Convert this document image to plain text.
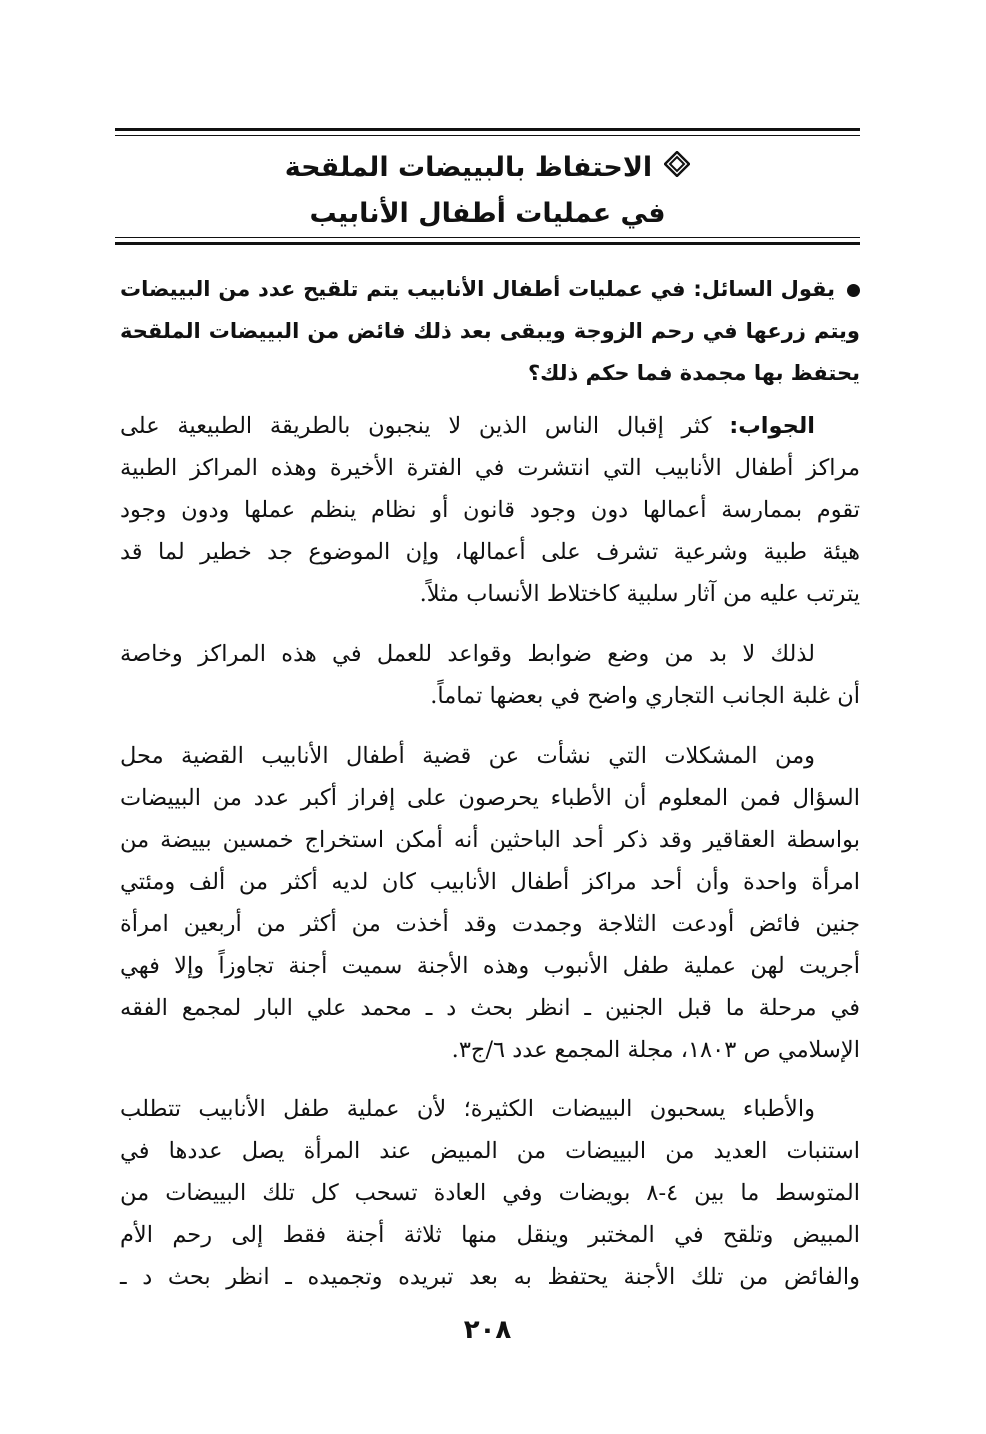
الاحتفاظ بالبييضات الملقحة
في عمليات أطفال الأنابيب
يقول السائل: في عمليات أطفال الأنابيب يتم تلقيح عدد من البييضات
ويتم زرعها في رحم الزوجة ويبقى بعد ذلك فائض من البييضات الملقحة
يحتفظ بها مجمدة فما حكم ذلك؟
الجواب: كثر إقبال الناس الذين لا ينجبون بالطريقة الطبيعية على
مراكز أطفال الأنابيب التي انتشرت في الفترة الأخيرة وهذه المراكز الطبية
تقوم بممارسة أعمالها دون وجود قانون أو نظام ينظم عملها ودون وجود
هيئة طبية وشرعية تشرف على أعمالها، وإن الموضوع جد خطير لما قد
يترتب عليه من آثار سلبية كاختلاط الأنساب مثلاً.
لذلك لا بد من وضع ضوابط وقواعد للعمل في هذه المراكز وخاصة
أن غلبة الجانب التجاري واضح في بعضها تماماً.
ومن المشكلات التي نشأت عن قضية أطفال الأنابيب القضية محل
السؤال فمن المعلوم أن الأطباء يحرصون على إفراز أكبر عدد من البييضات
بواسطة العقاقير وقد ذكر أحد الباحثين أنه أمكن استخراج خمسين بييضة من
امرأة واحدة وأن أحد مراكز أطفال الأنابيب كان لديه أكثر من ألف ومئتي
جنين فائض أودعت الثلاجة وجمدت وقد أخذت من أكثر من أربعين امرأة
أجريت لهن عملية طفل الأنبوب وهذه الأجنة سميت أجنة تجاوزاً وإلا فهي
في مرحلة ما قبل الجنين ـ انظر بحث د ـ محمد علي البار لمجمع الفقه
الإسلامي ص ١٨٠٣، مجلة المجمع عدد ٦/ج٣.
والأطباء يسحبون البييضات الكثيرة؛ لأن عملية طفل الأنابيب تتطلب
استنبات العديد من البييضات من المبيض عند المرأة يصل عددها في
المتوسط ما بين ٤-٨ بويضات وفي العادة تسحب كل تلك البييضات من
المبيض وتلقح في المختبر وينقل منها ثلاثة أجنة فقط إلى رحم الأم
والفائض من تلك الأجنة يحتفظ به بعد تبريده وتجميده ـ انظر بحث د ـ
٢٠٨
